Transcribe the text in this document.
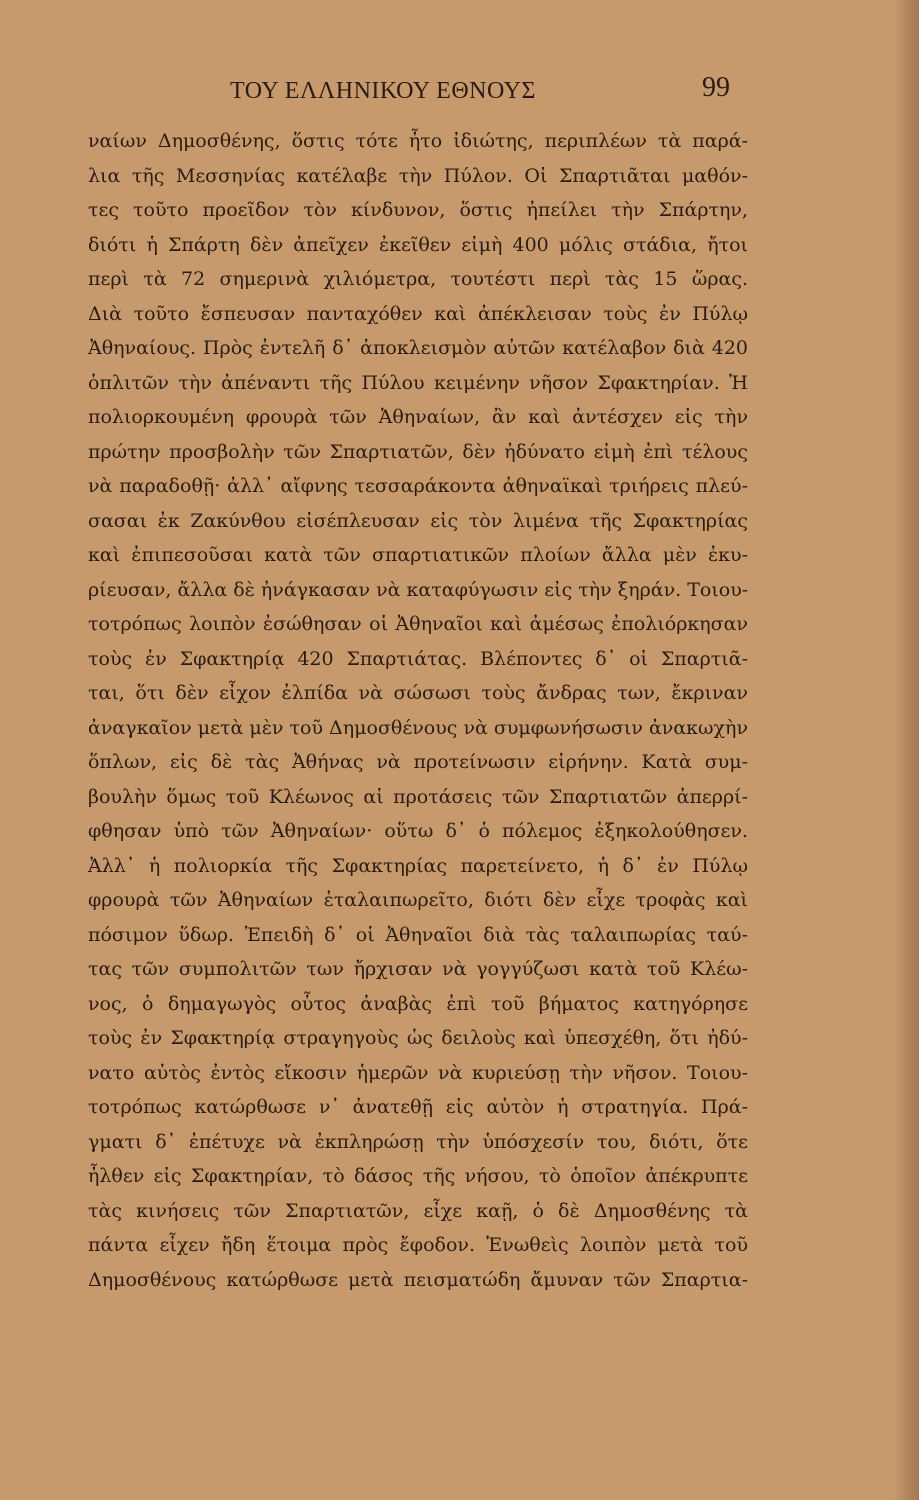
ΤΟΥ ΕΛΛΗΝΙΚΟΥ ΕΘΝΟΥΣ	99
ναίων Δημοσθένης, ὅστις τότε ἦτο ἰδιώτης, περιπλέων τὰ παρά-
λια τῆς Μεσσηνίας κατέλαβε τὴν Πύλον. Οἱ Σπαρτιᾶται μαθόν-
τες τοῦτο προεῖδον τὸν κίνδυνον, ὅστις ἠπείλει τὴν Σπάρτην,
διότι ἡ Σπάρτη δὲν ἀπεῖχεν ἐκεῖθεν εἰμὴ 400 μόλις στάδια, ἤτοι
περὶ τὰ 72 σημερινὰ χιλιόμετρα, τουτέστι περὶ τὰς 15 ὥρας.
Διὰ τοῦτο ἔσπευσαν πανταχόθεν καὶ ἀπέκλεισαν τοὺς ἐν Πύλῳ
Ἀθηναίους. Πρὸς ἐντελῆ δ᾽ ἀποκλεισμὸν αὐτῶν κατέλαβον διὰ 420
ὁπλιτῶν τὴν ἀπέναντι τῆς Πύλου κειμένην νῆσον Σφακτηρίαν. Ἡ
πολιορκουμένη φρουρὰ τῶν Ἀθηναίων, ἂν καὶ ἀντέσχεν εἰς τὴν
πρώτην προσβολὴν τῶν Σπαρτιατῶν, δὲν ἠδύνατο εἰμὴ ἐπὶ τέλους
νὰ παραδοθῇ· ἀλλ᾽ αἴφνης τεσσαράκοντα ἀθηναϊκαὶ τριήρεις πλεύ-
σασαι ἐκ Ζακύνθου εἰσέπλευσαν εἰς τὸν λιμένα τῆς Σφακτηρίας
καὶ ἐπιπεσοῦσαι κατὰ τῶν σπαρτιατικῶν πλοίων ἄλλα μὲν ἐκυ-
ρίευσαν, ἄλλα δὲ ἠνάγκασαν νὰ καταφύγωσιν εἰς τὴν ξηράν. Τοιου-
τοτρόπως λοιπὸν ἐσώθησαν οἱ Ἀθηναῖοι καὶ ἀμέσως ἐπολιόρκησαν
τοὺς ἐν Σφακτηρίᾳ 420 Σπαρτιάτας. Βλέποντες δ᾽ οἱ Σπαρτιᾶ-
ται, ὅτι δὲν εἶχον ἐλπίδα νὰ σώσωσι τοὺς ἄνδρας των, ἔκριναν
ἀναγκαῖον μετὰ μὲν τοῦ Δημοσθένους νὰ συμφωνήσωσιν ἀνακωχὴν
ὅπλων, εἰς δὲ τὰς Ἀθήνας νὰ προτείνωσιν εἰρήνην. Κατὰ συμ-
βουλὴν ὅμως τοῦ Κλέωνος αἱ προτάσεις τῶν Σπαρτιατῶν ἀπερρί-
φθησαν ὑπὸ τῶν Ἀθηναίων· οὕτω δ᾽ ὁ πόλεμος ἐξηκολούθησεν.
Ἀλλ᾽ ἡ πολιορκία τῆς Σφακτηρίας παρετείνετο, ἡ δ᾽ ἐν Πύλῳ
φρουρὰ τῶν Ἀθηναίων ἐταλαιπωρεῖτο, διότι δὲν εἶχε τροφὰς καὶ
πόσιμον ὕδωρ. Ἐπειδὴ δ᾽ οἱ Ἀθηναῖοι διὰ τὰς ταλαιπωρίας ταύ-
τας τῶν συμπολιτῶν των ἤρχισαν νὰ γογγύζωσι κατὰ τοῦ Κλέω-
νος, ὁ δημαγωγὸς οὗτος ἀναβὰς ἐπὶ τοῦ βήματος κατηγόρησε
τοὺς ἐν Σφακτηρίᾳ στραγηγοὺς ὡς δειλοὺς καὶ ὑπεσχέθη, ὅτι ἠδύ-
νατο αὐτὸς ἐντὸς εἴκοσιν ἡμερῶν νὰ κυριεύσῃ τὴν νῆσον. Τοιου-
τοτρόπως κατώρθωσε ν᾽ ἀνατεθῇ εἰς αὐτὸν ἡ στρατηγία. Πρά-
γματι δ᾽ ἐπέτυχε νὰ ἐκπληρώσῃ τὴν ὑπόσχεσίν του, διότι, ὅτε
ἦλθεν εἰς Σφακτηρίαν, τὸ δάσος τῆς νήσου, τὸ ὁποῖον ἀπέκρυπτε
τὰς κινήσεις τῶν Σπαρτιατῶν, εἶχε καῇ, ὁ δὲ Δημοσθένης τὰ
πάντα εἶχεν ἤδη ἕτοιμα πρὸς ἔφοδον. Ἑνωθεὶς λοιπὸν μετὰ τοῦ
Δημοσθένους κατώρθωσε μετὰ πεισματώδη ἄμυναν τῶν Σπαρτια-
